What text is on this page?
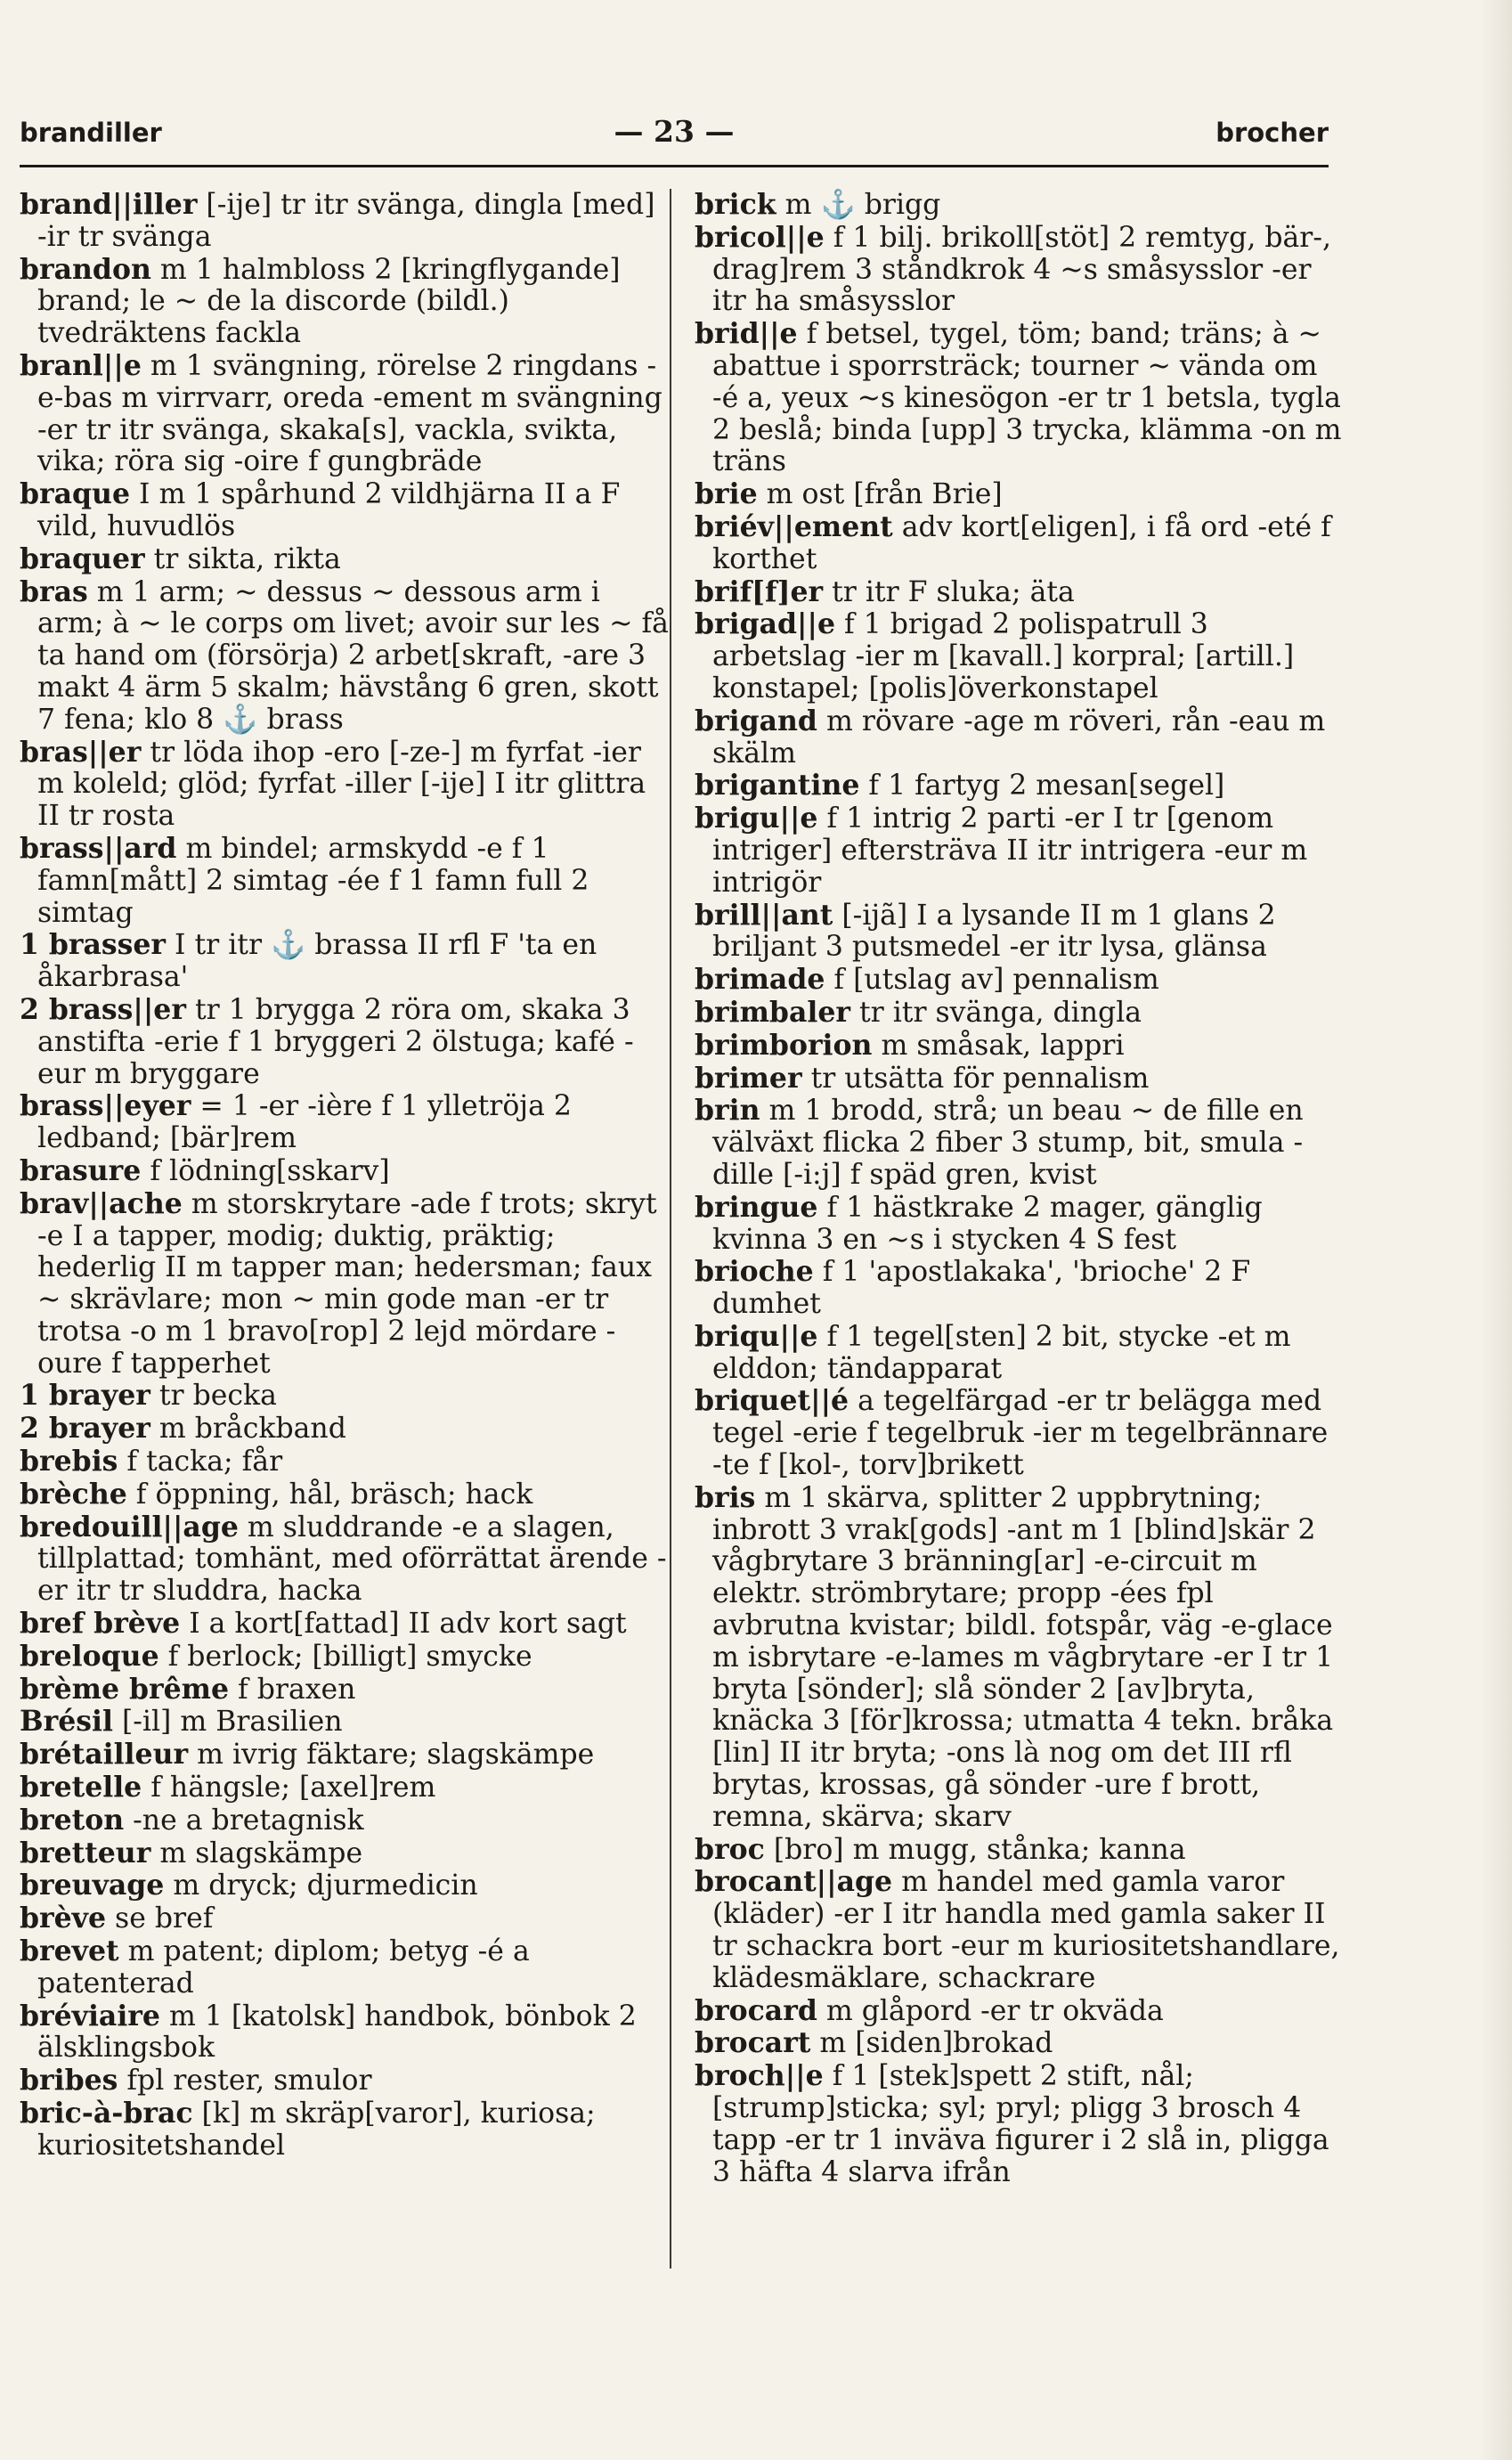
brandiller	— 23 —	brocher

brand||iller [-ije] tr itr svänga, dingla [med] -ir tr svänga

brandon m 1 halmbloss 2 [kringflygande] brand; le ~ de la discorde (bildl.) tvedräktens fackla

branl||e m 1 svängning, rörelse 2 ringdans -e-bas m virrvarr, oreda -ement m svängning -er tr itr svänga, skaka[s], vackla, svikta, vika; röra sig -oire f gungbräde

braque I m 1 spårhund 2 vildhjärna II a F vild, huvudlös

braquer tr sikta, rikta

bras m 1 arm; ~ dessus ~ dessous arm i arm; à ~ le corps om livet; avoir sur les ~ få ta hand om (försörja) 2 arbet[skraft, -are 3 makt 4 ärm 5 skalm; hävstång 6 gren, skott 7 fena; klo 8 ⚓ brass

bras||er tr löda ihop -ero [-ze-] m fyrfat -ier m koleld; glöd; fyrfat -iller [-ije] I itr glittra II tr rosta

brass||ard m bindel; armskydd -e f 1 famn[mått] 2 simtag -ée f 1 famn full 2 simtag

1 brasser I tr itr ⚓ brassa II rfl F 'ta en åkarbrasa'

2 brass||er tr 1 brygga 2 röra om, skaka 3 anstifta -erie f 1 bryggeri 2 ölstuga; kafé -eur m bryggare

brass||eyer = 1 -er -ière f 1 ylletröja 2 ledband; [bär]rem

brasure f lödning[sskarv]

brav||ache m storskrytare -ade f trots; skryt -e I a tapper, modig; duktig, präktig; hederlig II m tapper man; hedersman; faux ~ skrävlare; mon ~ min gode man -er tr trotsa -o m 1 bravo[rop] 2 lejd mördare -oure f tapperhet

1 brayer tr becka

2 brayer m bråckband

brebis f tacka; får

brèche f öppning, hål, bräsch; hack

bredouill||age m sluddrande -e a slagen, tillplattad; tomhänt, med oförrättat ärende -er itr tr sluddra, hacka

bref brève I a kort[fattad] II adv kort sagt

breloque f berlock; [billigt] smycke

brème brême f braxen

Brésil [-il] m Brasilien

brétailleur m ivrig fäktare; slagskämpe

bretelle f hängsle; [axel]rem

breton -ne a bretagnisk

bretteur m slagskämpe

breuvage m dryck; djurmedicin

brève se bref

brevet m patent; diplom; betyg -é a patenterad

bréviaire m 1 [katolsk] handbok, bönbok 2 älsklingsbok

bribes fpl rester, smulor

bric-à-brac [k] m skräp[varor], kuriosa; kuriositetshandel

brick m ⚓ brigg

bricol||e f 1 bilj. brikoll[stöt] 2 remtyg, bär-, drag]rem 3 ståndkrok 4 ~s småsysslor -er itr ha småsysslor

brid||e f betsel, tygel, töm; band; träns; à ~ abattue i sporrsträck; tourner ~ vända om -é a, yeux ~s kinesögon -er tr 1 betsla, tygla 2 beslå; binda [upp] 3 trycka, klämma -on m träns

brie m ost [från Brie]

briév||ement adv kort[eligen], i få ord -eté f korthet

brif[f]er tr itr F sluka; äta

brigad||e f 1 brigad 2 polispatrull 3 arbetslag -ier m [kavall.] korpral; [artill.] konstapel; [polis]överkonstapel

brigand m rövare -age m röveri, rån -eau m skälm

brigantine f 1 fartyg 2 mesan[segel]

brigu||e f 1 intrig 2 parti -er I tr [genom intriger] eftersträva II itr intrigera -eur m intrigör

brill||ant [-ijã] I a lysande II m 1 glans 2 briljant 3 putsmedel -er itr lysa, glänsa

brimade f [utslag av] pennalism

brimbaler tr itr svänga, dingla

brimborion m småsak, lappri

brimer tr utsätta för pennalism

brin m 1 brodd, strå; un beau ~ de fille en välväxt flicka 2 fiber 3 stump, bit, smula -dille [-i:j] f späd gren, kvist

bringue f 1 hästkrake 2 mager, gänglig kvinna 3 en ~s i stycken 4 S fest

brioche f 1 'apostlakaka', 'brioche' 2 F dumhet

briqu||e f 1 tegel[sten] 2 bit, stycke -et m elddon; tändapparat

briquet||é a tegelfärgad -er tr belägga med tegel -erie f tegelbruk -ier m tegelbrännare -te f [kol-, torv]brikett

bris m 1 skärva, splitter 2 uppbrytning; inbrott 3 vrak[gods] -ant m 1 [blind]skär 2 vågbrytare 3 bränning[ar] -e-circuit m elektr. strömbrytare; propp -ées fpl avbrutna kvistar; bildl. fotspår, väg -e-glace m isbrytare -e-lames m vågbrytare -er I tr 1 bryta [sönder]; slå sönder 2 [av]bryta, knäcka 3 [för]krossa; utmatta 4 tekn. bråka [lin] II itr bryta; -ons là nog om det III rfl brytas, krossas, gå sönder -ure f brott, remna, skärva; skarv

broc [bro] m mugg, stånka; kanna

brocant||age m handel med gamla varor (kläder) -er I itr handla med gamla saker II tr schackra bort -eur m kuriositetshandlare, klädesmäklare, schackrare

brocard m glåpord -er tr okväda

brocart m [siden]brokad

broch||e f 1 [stek]spett 2 stift, nål; [strump]sticka; syl; pryl; pligg 3 brosch 4 tapp -er tr 1 inväva figurer i 2 slå in, pligga 3 häfta 4 slarva ifrån
